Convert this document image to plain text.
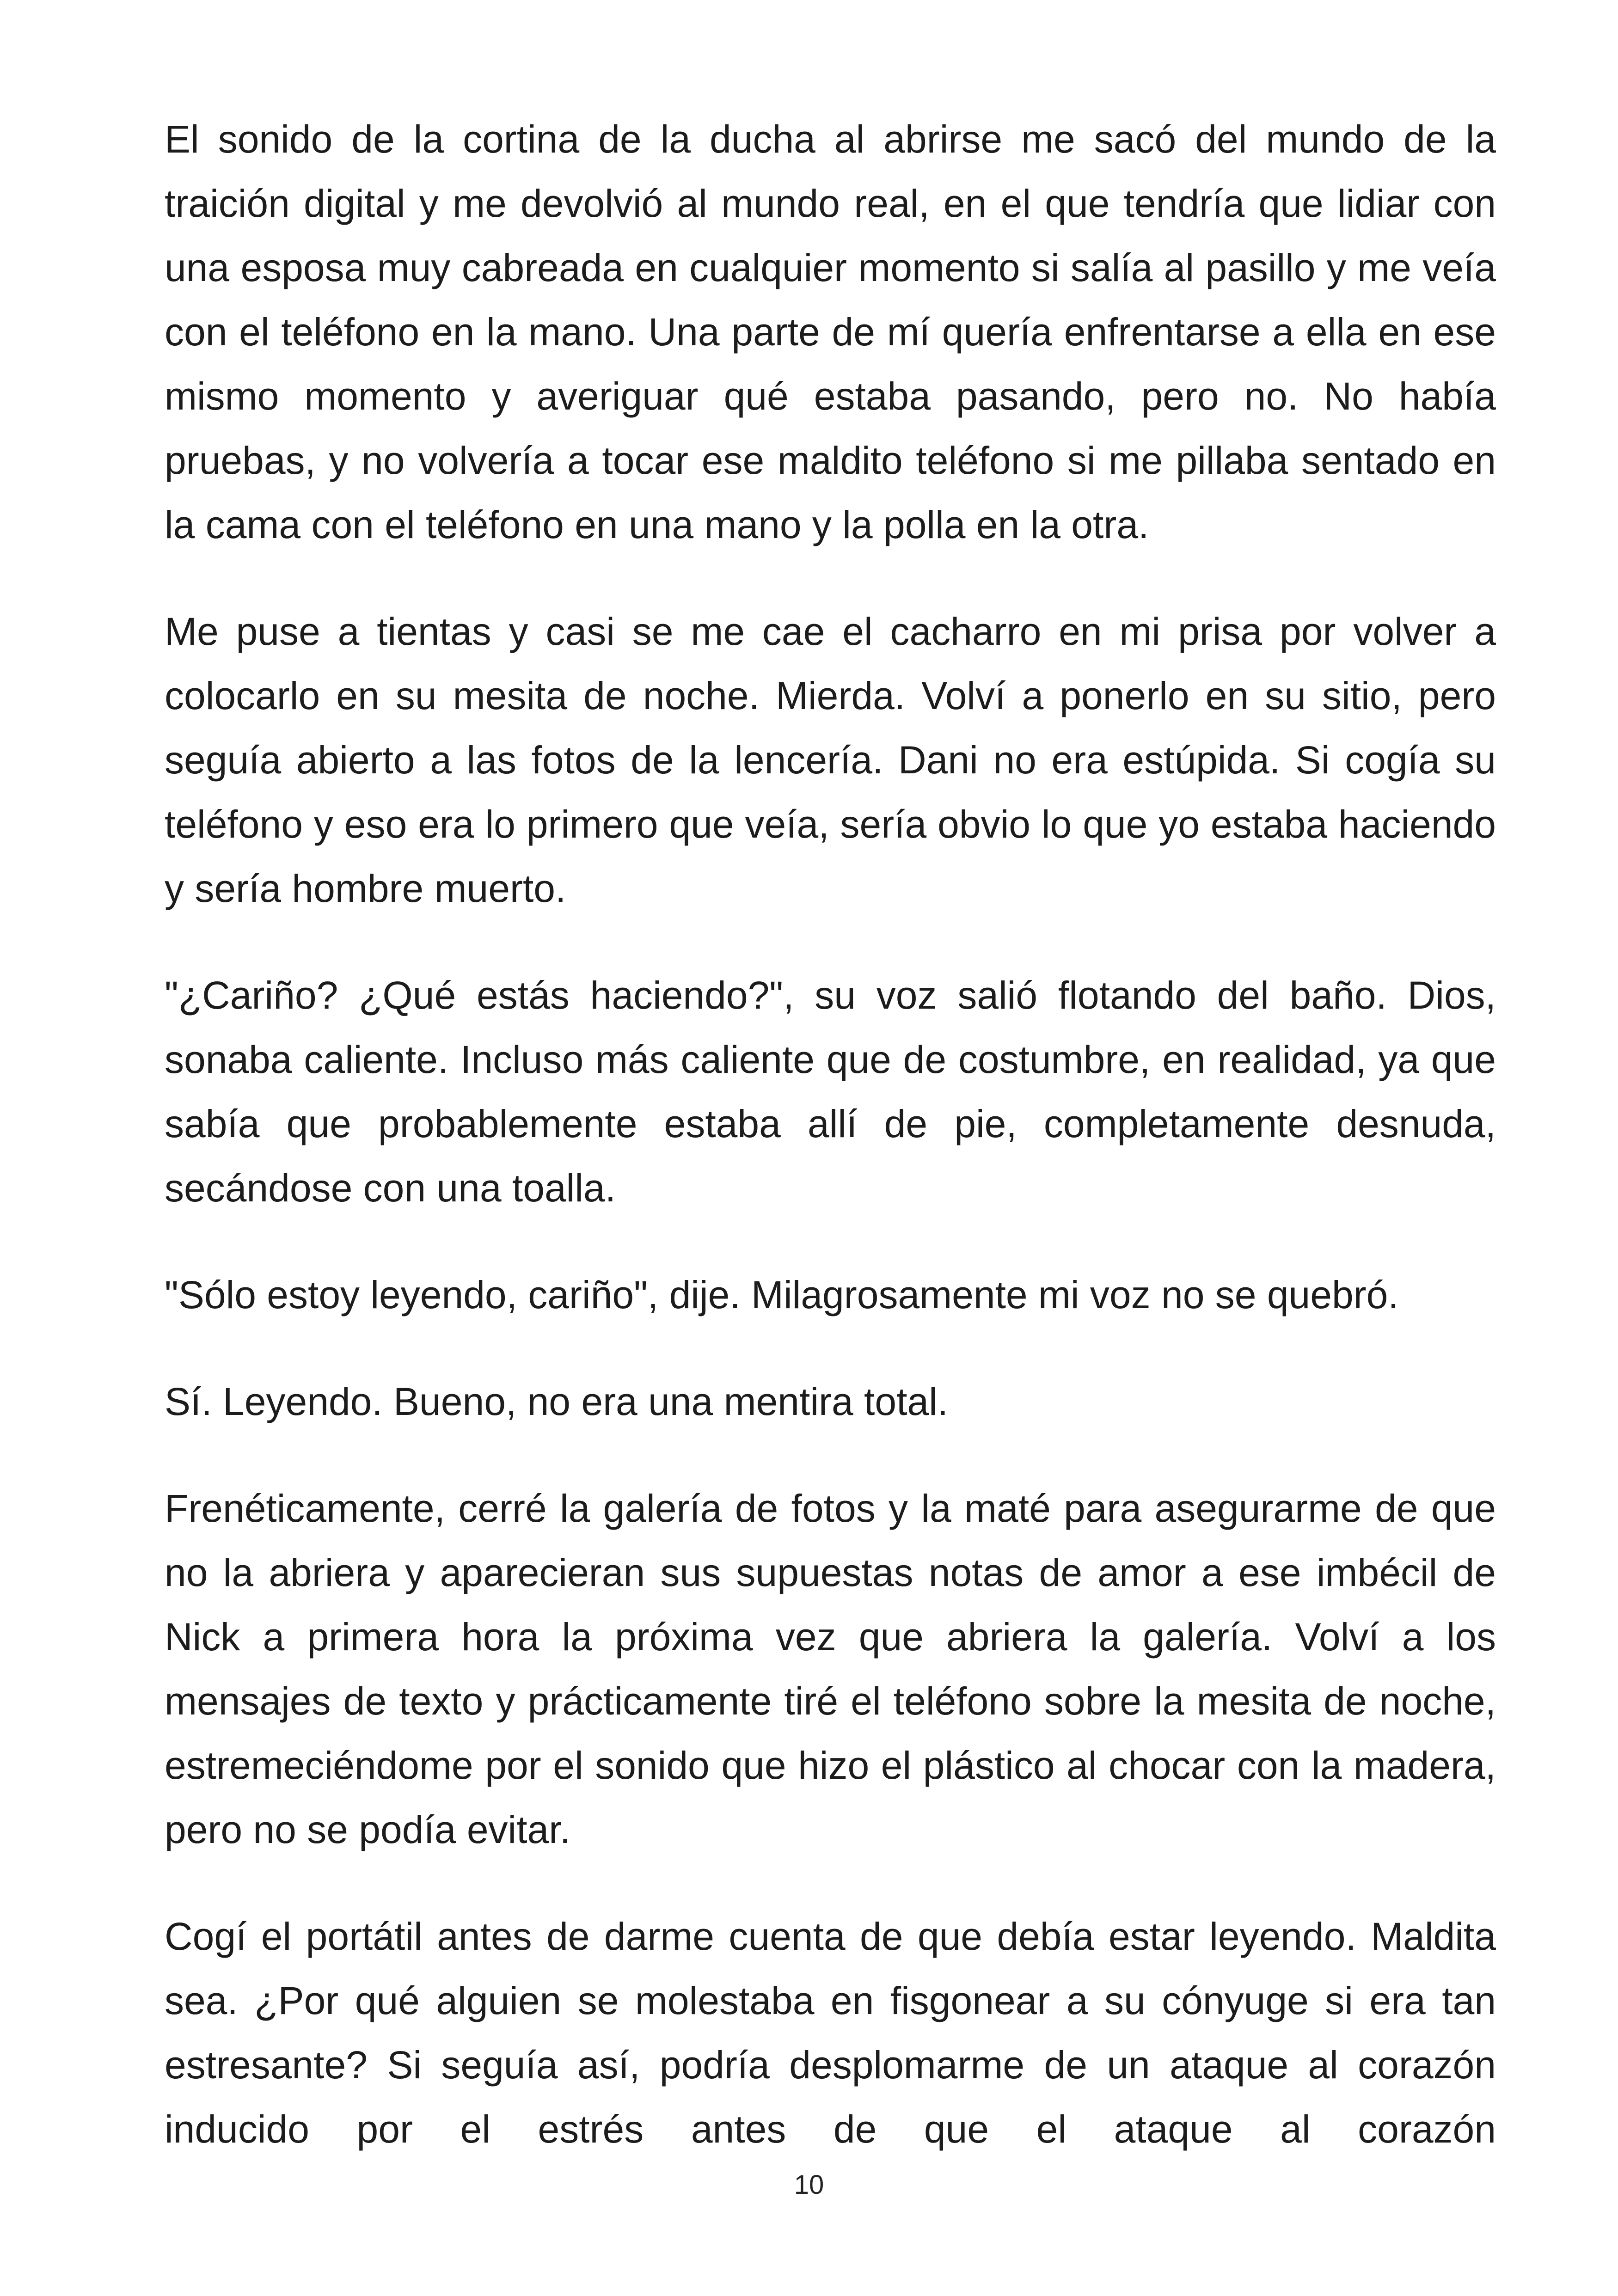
El sonido de la cortina de la ducha al abrirse me sacó del mundo de la traición digital y me devolvió al mundo real, en el que tendría que lidiar con una esposa muy cabreada en cualquier momento si salía al pasillo y me veía con el teléfono en la mano. Una parte de mí quería enfrentarse a ella en ese mismo momento y averiguar qué estaba pasando, pero no. No había pruebas, y no volvería a tocar ese maldito teléfono si me pillaba sentado en la cama con el teléfono en una mano y la polla en la otra.

Me puse a tientas y casi se me cae el cacharro en mi prisa por volver a colocarlo en su mesita de noche. Mierda. Volví a ponerlo en su sitio, pero seguía abierto a las fotos de la lencería. Dani no era estúpida. Si cogía su teléfono y eso era lo primero que veía, sería obvio lo que yo estaba haciendo y sería hombre muerto.

"¿Cariño? ¿Qué estás haciendo?", su voz salió flotando del baño. Dios, sonaba caliente. Incluso más caliente que de costumbre, en realidad, ya que sabía que probablemente estaba allí de pie, completamente desnuda, secándose con una toalla.

"Sólo estoy leyendo, cariño", dije. Milagrosamente mi voz no se quebró.

Sí. Leyendo. Bueno, no era una mentira total.

Frenéticamente, cerré la galería de fotos y la maté para asegurarme de que no la abriera y aparecieran sus supuestas notas de amor a ese imbécil de Nick a primera hora la próxima vez que abriera la galería. Volví a los mensajes de texto y prácticamente tiré el teléfono sobre la mesita de noche, estremeciéndome por el sonido que hizo el plástico al chocar con la madera, pero no se podía evitar.

Cogí el portátil antes de darme cuenta de que debía estar leyendo. Maldita sea. ¿Por qué alguien se molestaba en fisgonear a su cónyuge si era tan estresante? Si seguía así, podría desplomarme de un ataque al corazón inducido por el estrés antes de que el ataque al corazón

10
